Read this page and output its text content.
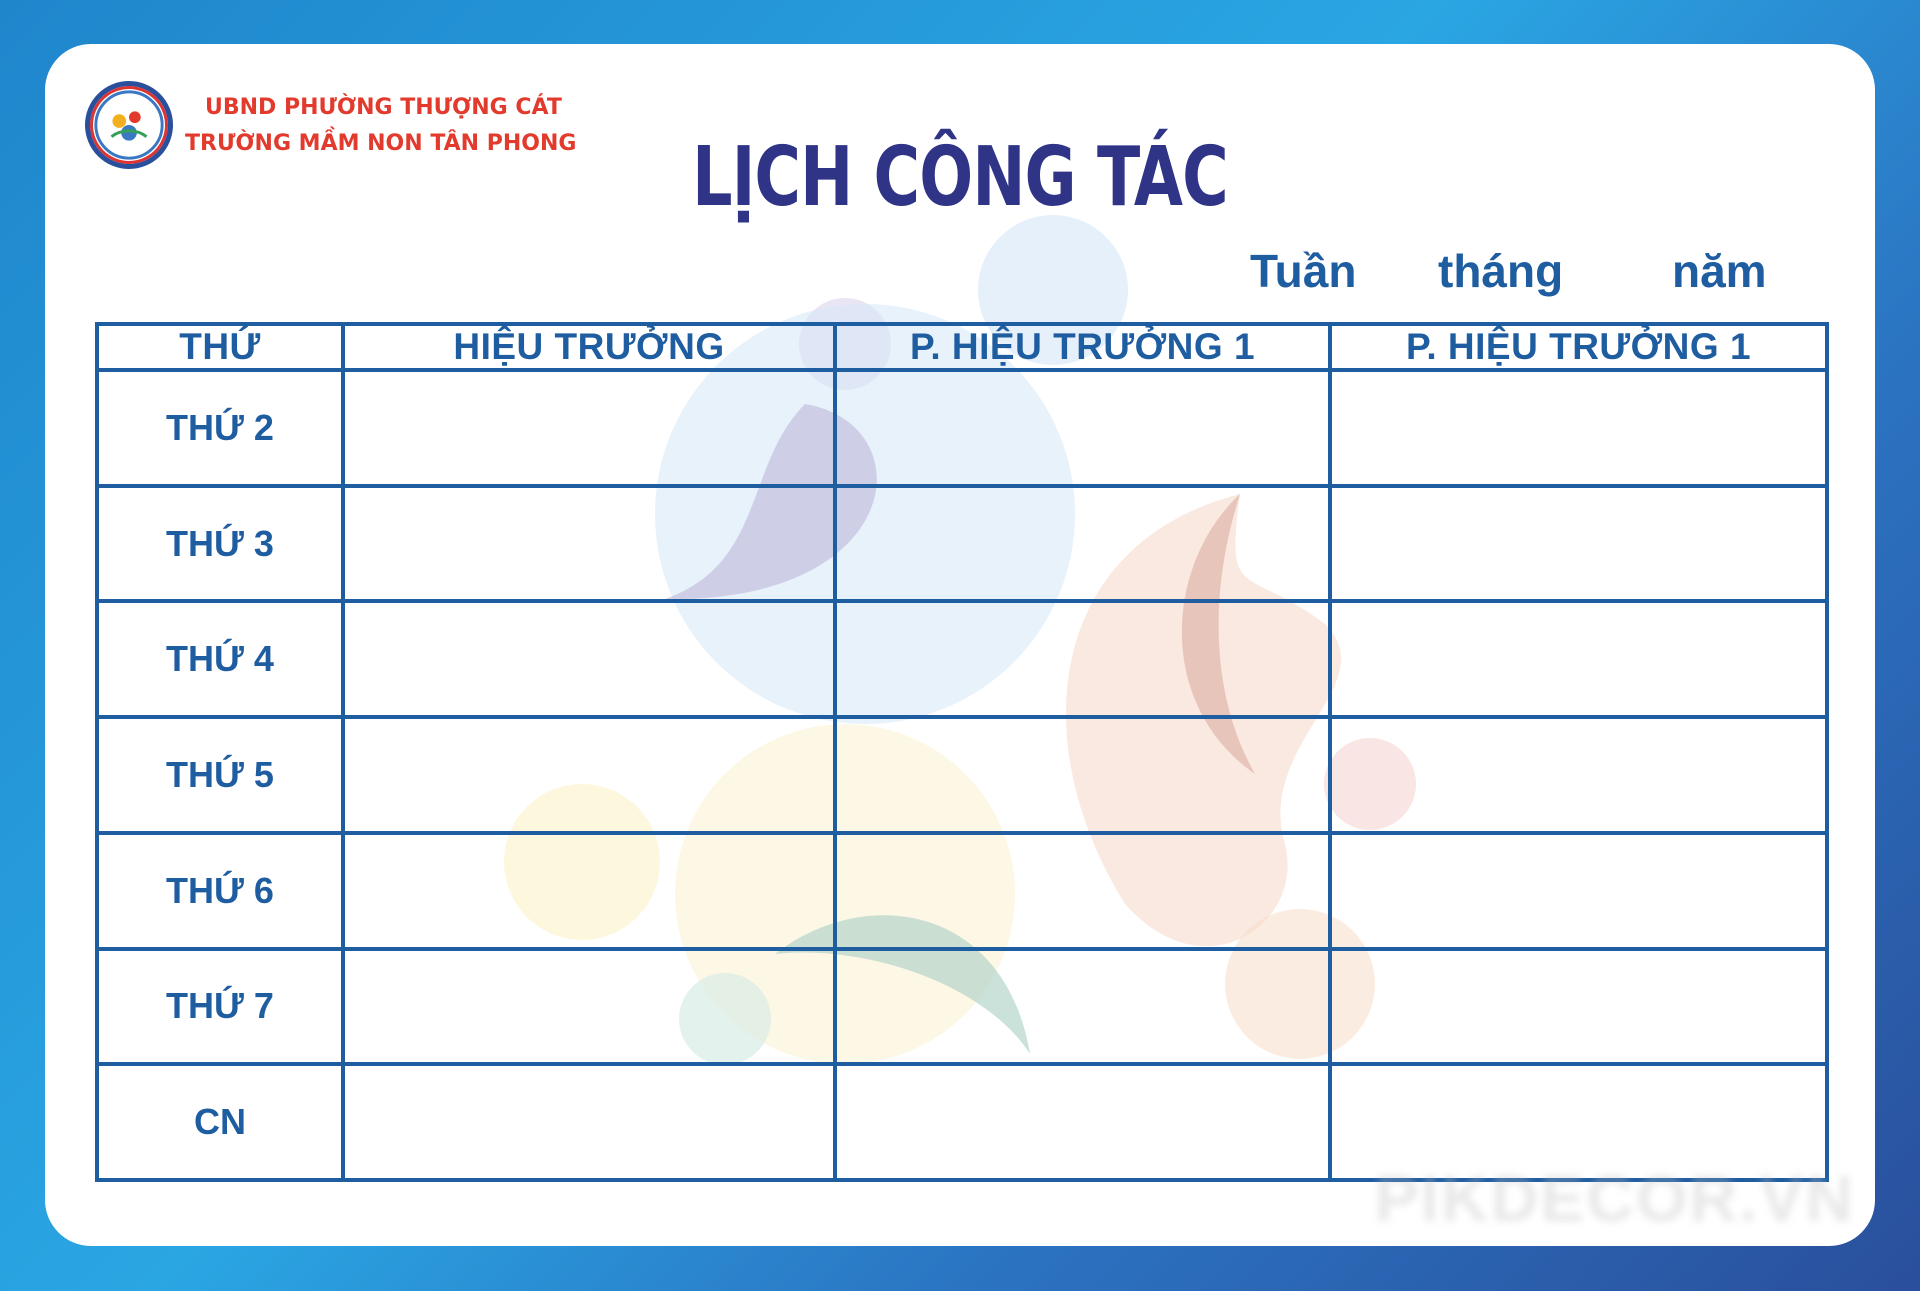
UBND PHƯỜNG THƯỢNG CÁT
TRƯỜNG MẦM NON TÂN PHONG	LỊCH CÔNG TÁC
Tuần tháng năm
THỨ	HIỆU TRƯỞNG	P. HIỆU TRƯỞNG 1	P. HIỆU TRƯỞNG 1
THỨ 2			
THỨ 3			
THỨ 4			
THỨ 5			
THỨ 6			
THỨ 7			
CN			
PIKDECOR.VN
